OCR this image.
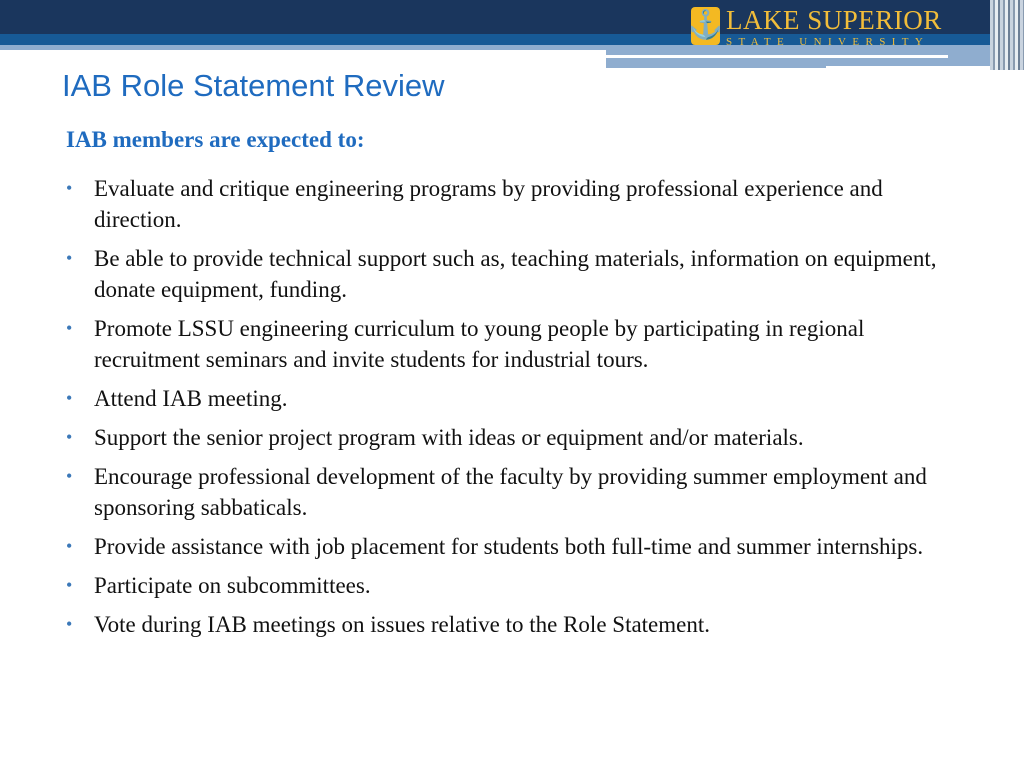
⚓ LAKE SUPERIOR
STATE UNIVERSITY
IAB Role Statement Review
IAB members are expected to:
• Evaluate and critique engineering programs by providing professional experience and direction.
• Be able to provide technical support such as, teaching materials, information on equipment, donate equipment, funding.
• Promote LSSU engineering curriculum to young people by participating in regional recruitment seminars and invite students for industrial tours.
• Attend IAB meeting.
• Support the senior project program with ideas or equipment and/or materials.
• Encourage professional development of the faculty by providing summer employment and sponsoring sabbaticals.
• Provide assistance with job placement for students both full-time and summer internships.
• Participate on subcommittees.
• Vote during IAB meetings on issues relative to the Role Statement.
